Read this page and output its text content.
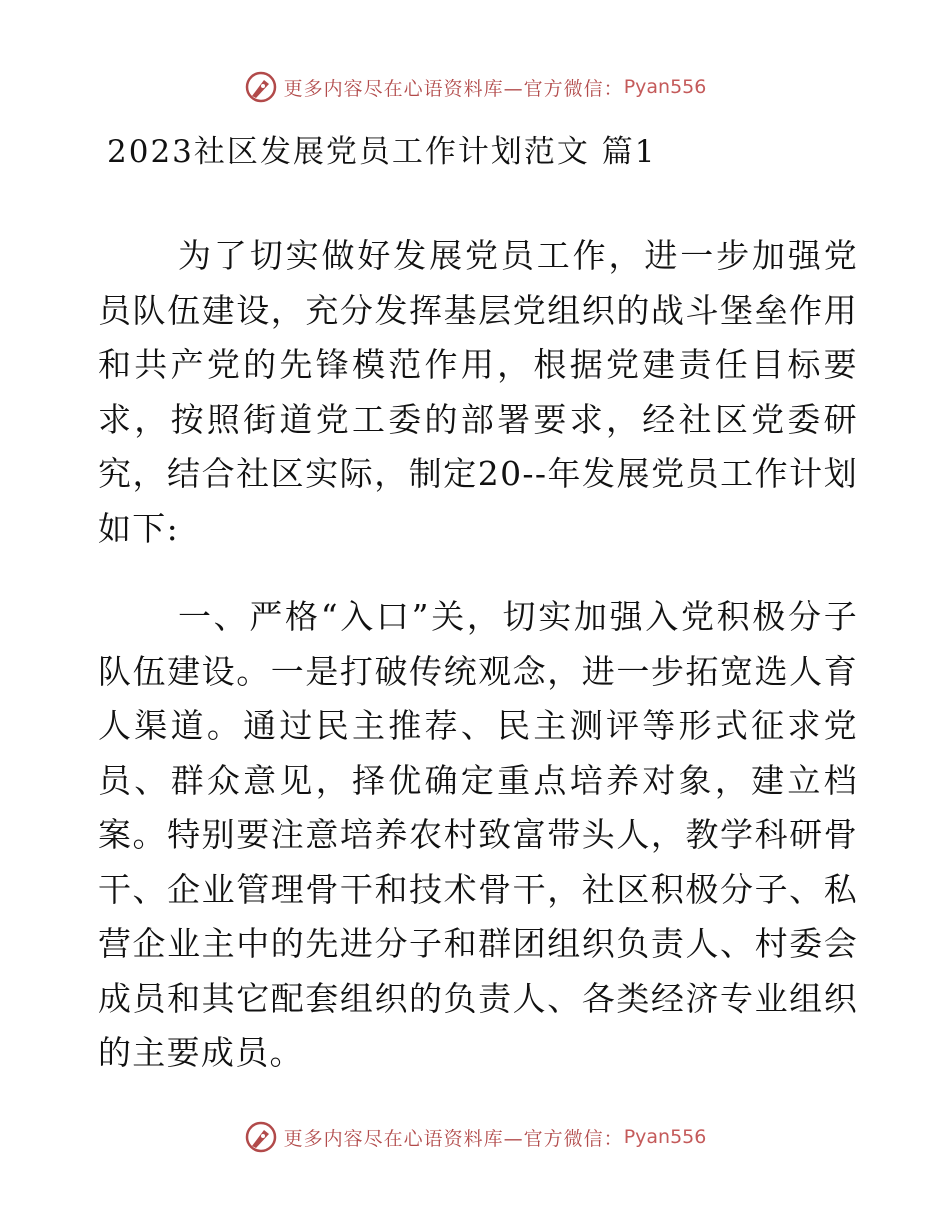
更多内容尽在心语资料库 —官方微信： Pyan556
2023社区发展党员工作计划范文 篇1

为了切实做好发展党员工作，进一步加强党员队伍建设，充分发挥基层党组织的战斗堡垒作用和共产党的先锋模范作用，根据党建责任目标要求，按照街道党工委的部署要求，经社区党委研究，结合社区实际，制定20--年发展党员工作计划如下:

一、严格“入口”关，切实加强入党积极分子队伍建设。一是打破传统观念，进一步拓宽选人育人渠道。通过民主推荐、民主测评等形式征求党员、群众意见，择优确定重点培养对象，建立档案。特别要注意培养农村致富带头人，教学科研骨干、企业管理骨干和技术骨干，社区积极分子、私营企业主中的先进分子和群团组织负责人、村委会成员和其它配套组织的负责人、各类经济专业组织的主要成员。

更多内容尽在心语资料库 —官方微信： Pyan556
